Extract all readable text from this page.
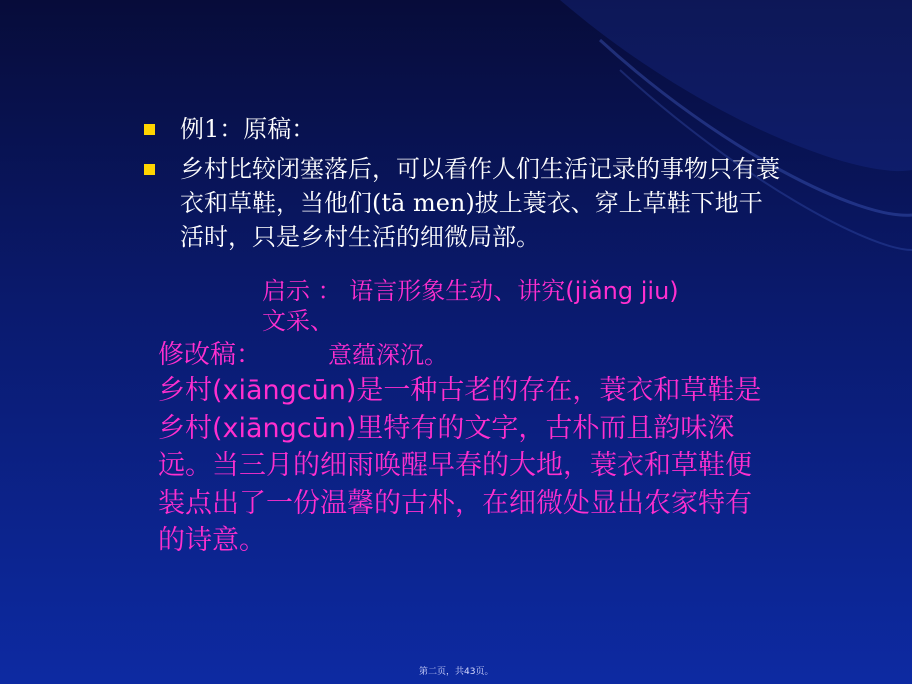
例1：原稿：
乡村比较闭塞落后，可以看作人们生活记录的事物只有蓑衣和草鞋，当他们(tā men)披上蓑衣、穿上草鞋下地干活时，只是乡村生活的细微局部。
启示 ： 语言形象生动、讲究(jiǎng jiu)
文采、
意蕴深沉。
修改稿：
乡村(xiāngcūn)是一种古老的存在，蓑衣和草鞋是乡村(xiāngcūn)里特有的文字，古朴而且韵味深远。当三月的细雨唤醒早春的大地，蓑衣和草鞋便装点出了一份温馨的古朴，在细微处显出农家特有的诗意。
第二页，共43页。
